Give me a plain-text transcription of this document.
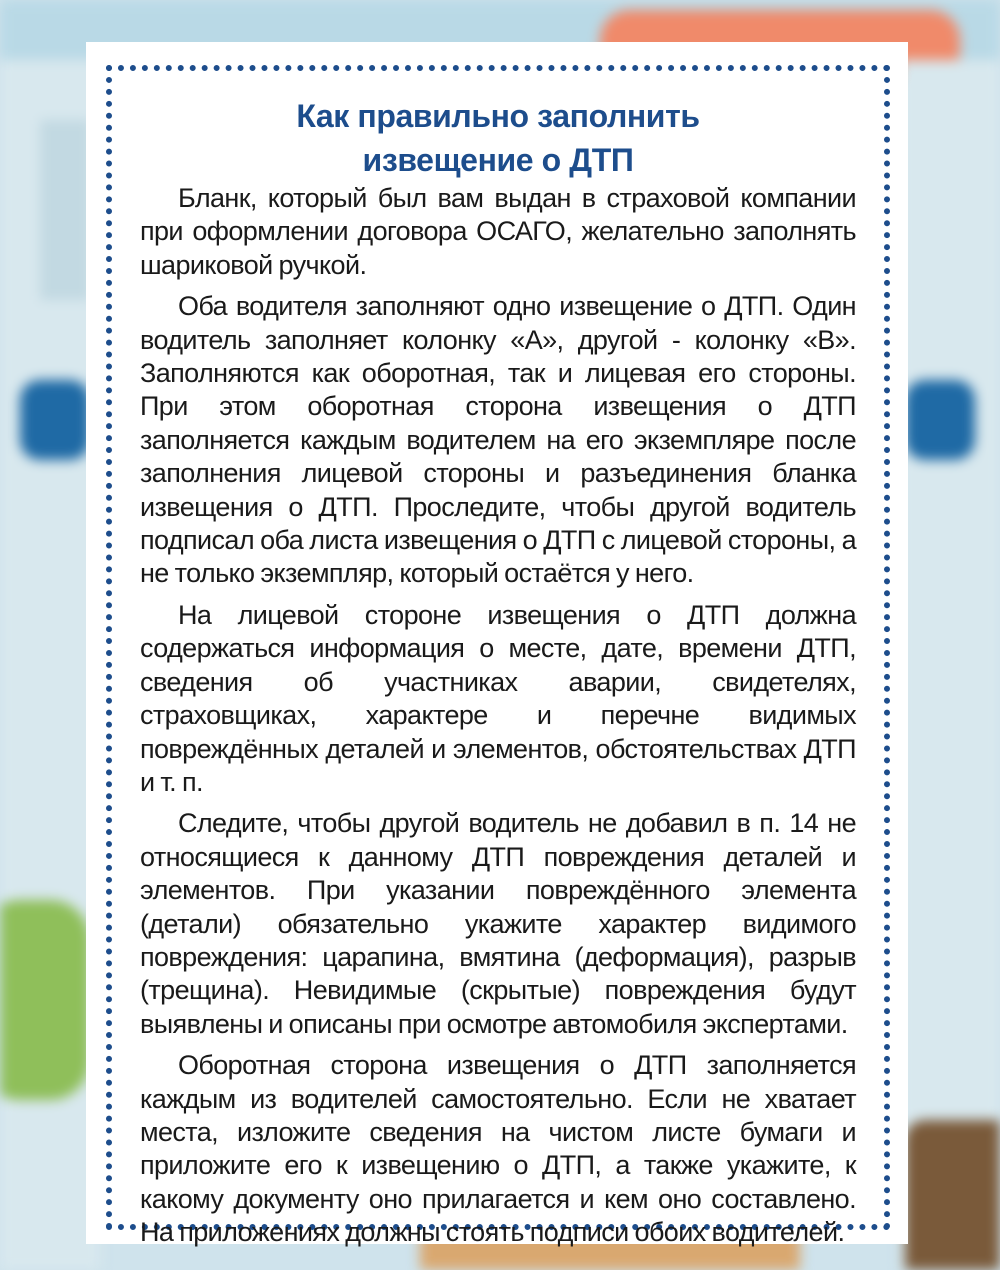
Как правильно заполнить
извещение о ДТП

Бланк, который был вам выдан в страховой компании при оформлении договора ОСАГО, желательно заполнять шариковой ручкой.

Оба водителя заполняют одно извещение о ДТП. Один водитель заполняет колонку «А», другой - колонку «В». Заполняются как оборотная, так и лицевая его стороны. При этом оборотная сторона извещения о ДТП заполняется каждым водителем на его экземпляре после заполнения лицевой стороны и разъединения бланка извещения о ДТП. Проследите, чтобы другой водитель подписал оба листа извещения о ДТП с лицевой стороны, а не только экземпляр, который остаётся у него.

На лицевой стороне извещения о ДТП должна содержаться информация о месте, дате, времени ДТП, сведения об участниках аварии, свидетелях, страховщиках, характере и перечне видимых повреждённых деталей и элементов, обстоятельствах ДТП и т. п.

Следите, чтобы другой водитель не добавил в п. 14 не относящиеся к данному ДТП повреждения деталей и элементов. При указании повреждённого элемента (детали) обязательно укажите характер видимого повреждения: царапина, вмятина (деформация), разрыв (трещина). Невидимые (скрытые) повреждения будут выявлены и описаны при осмотре автомобиля экспертами.

Оборотная сторона извещения о ДТП заполняется каждым из водителей самостоятельно. Если не хватает места, изложите сведения на чистом листе бумаги и приложите его к извещению о ДТП, а также укажите, к какому документу оно прилагается и кем оно составлено. На приложениях должны стоять подписи обоих водителей.
